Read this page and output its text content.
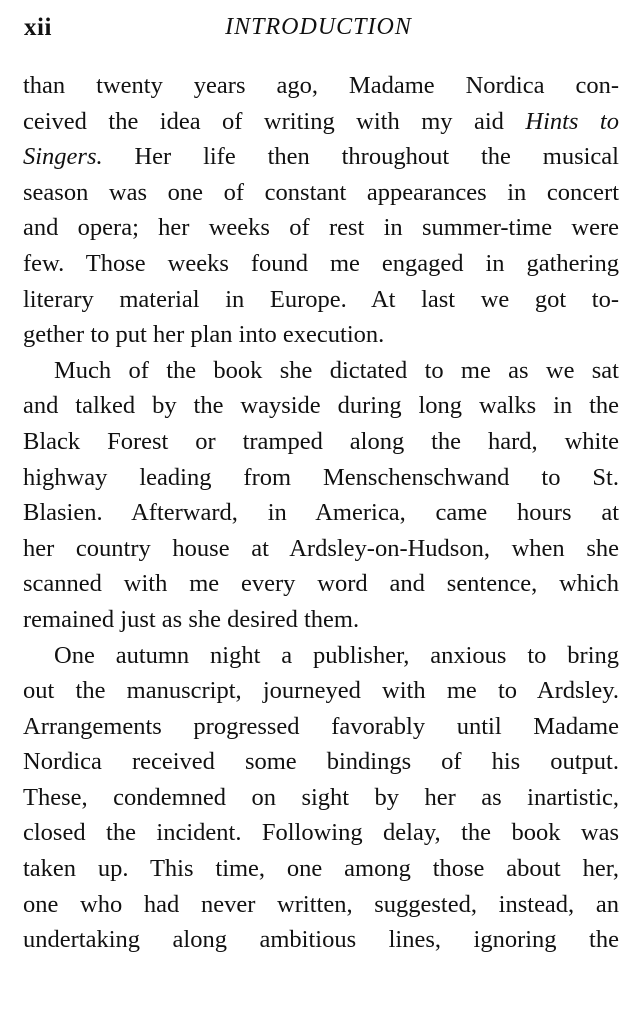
xii	INTRODUCTION
than twenty years ago, Madame Nordica con-
ceived the idea of writing with my aid Hints to
Singers. Her life then throughout the musical
season was one of constant appearances in concert
and opera; her weeks of rest in summer-time were
few. Those weeks found me engaged in gathering
literary material in Europe. At last we got to-
gether to put her plan into execution.
Much of the book she dictated to me as we sat
and talked by the wayside during long walks in the
Black Forest or tramped along the hard, white
highway leading from Menschenschwand to St.
Blasien. Afterward, in America, came hours at
her country house at Ardsley-on-Hudson, when she
scanned with me every word and sentence, which
remained just as she desired them.
One autumn night a publisher, anxious to bring
out the manuscript, journeyed with me to Ardsley.
Arrangements progressed favorably until Madame
Nordica received some bindings of his output.
These, condemned on sight by her as inartistic,
closed the incident. Following delay, the book was
taken up. This time, one among those about her,
one who had never written, suggested, instead, an
undertaking along ambitious lines, ignoring the
